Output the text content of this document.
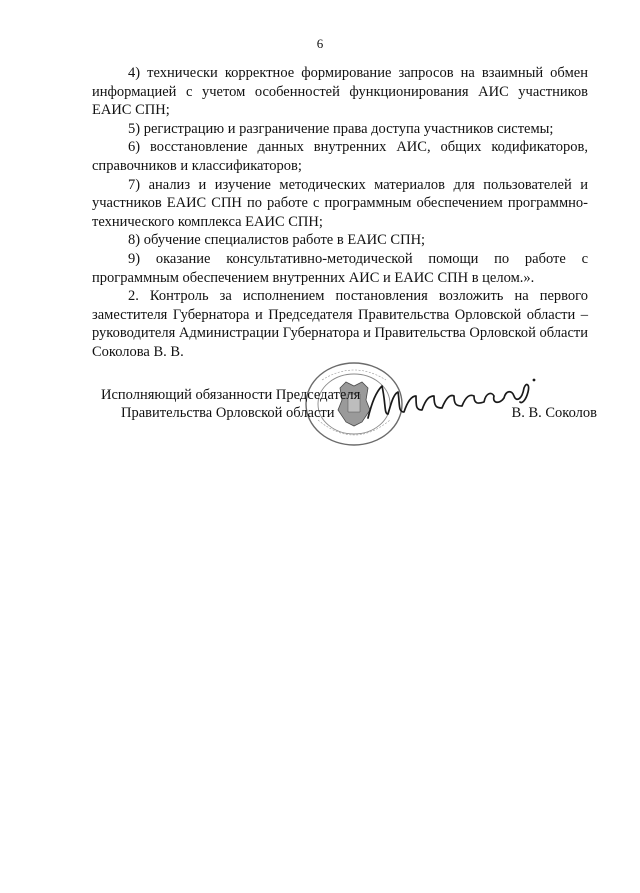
6

4) технически корректное формирование запросов на взаимный обмен информацией с учетом особенностей функционирования АИС участников ЕАИС СПН;

5) регистрацию и разграничение права доступа участников системы;

6) восстановление данных внутренних АИС, общих кодификаторов, справочников и классификаторов;

7) анализ и изучение методических материалов для пользователей и участников ЕАИС СПН по работе с программным обеспечением программно-технического комплекса ЕАИС СПН;

8) обучение специалистов работе в ЕАИС СПН;

9) оказание консультативно-методической помощи по работе с программным обеспечением внутренних АИС и ЕАИС СПН в целом.».

2. Контроль за исполнением постановления возложить на первого заместителя Губернатора и Председателя Правительства Орловской области – руководителя Администрации Губернатора и Правительства Орловской области Соколова В. В.

Исполняющий обязанности Председателя
Правительства Орловской области	В. В. Соколов
